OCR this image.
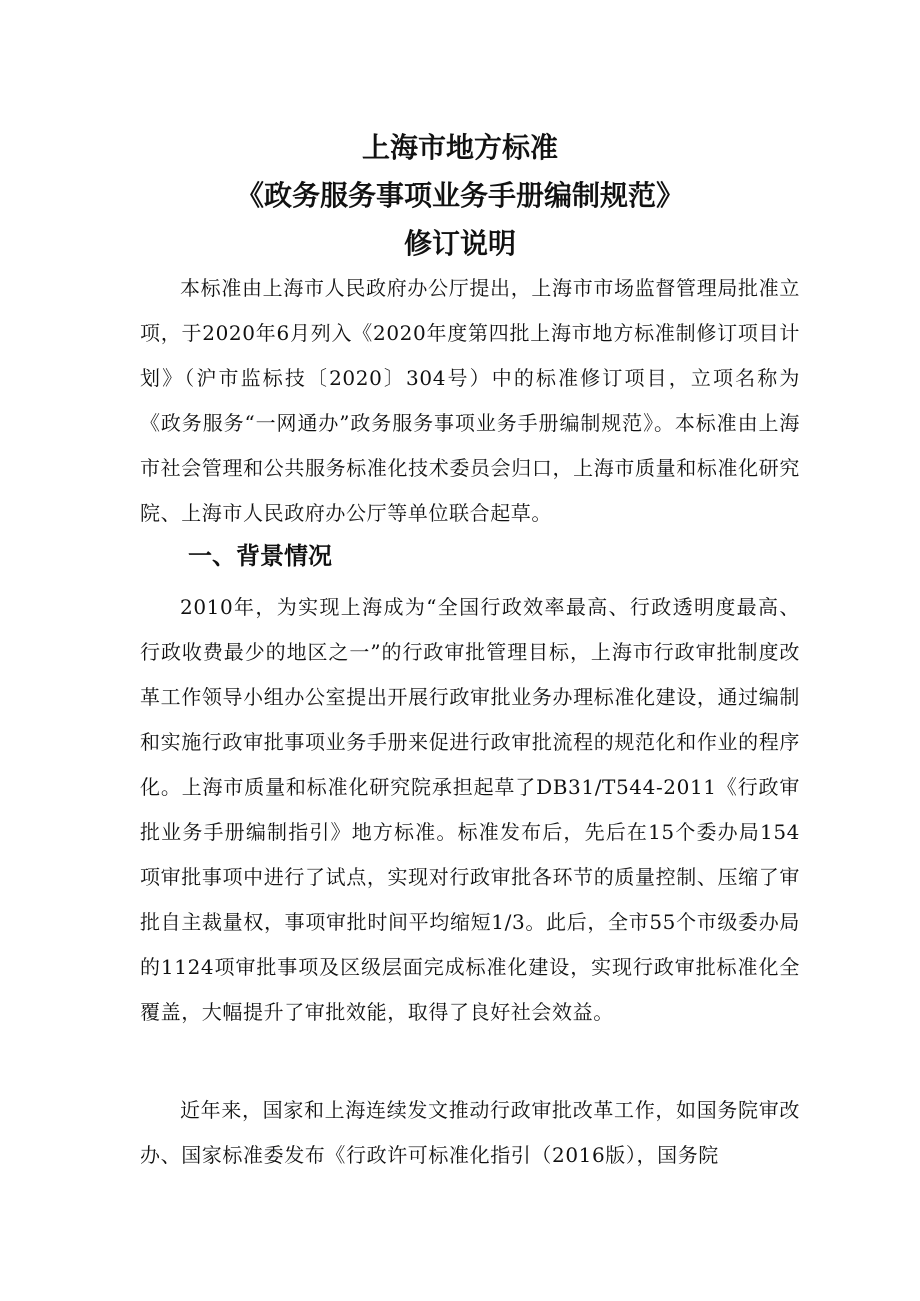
上海市地方标准
《政务服务事项业务手册编制规范》
修订说明

本标准由上海市人民政府办公厅提出，上海市市场监督管理局批准立项，于2020年6月列入《2020年度第四批上海市地方标准制修订项目计划》（沪市监标技〔2020〕304号）中的标准修订项目，立项名称为《政务服务“一网通办”政务服务事项业务手册编制规范》。本标准由上海市社会管理和公共服务标准化技术委员会归口，上海市质量和标准化研究院、上海市人民政府办公厅等单位联合起草。

一、背景情况

2010年，为实现上海成为“全国行政效率最高、行政透明度最高、行政收费最少的地区之一”的行政审批管理目标，上海市行政审批制度改革工作领导小组办公室提出开展行政审批业务办理标准化建设，通过编制和实施行政审批事项业务手册来促进行政审批流程的规范化和作业的程序化。上海市质量和标准化研究院承担起草了DB31/T544-2011《行政审批业务手册编制指引》地方标准。标准发布后，先后在15个委办局154项审批事项中进行了试点，实现对行政审批各环节的质量控制、压缩了审批自主裁量权，事项审批时间平均缩短1/3。此后，全市55个市级委办局的1124项审批事项及区级层面完成标准化建设，实现行政审批标准化全覆盖，大幅提升了审批效能，取得了良好社会效益。

近年来，国家和上海连续发文推动行政审批改革工作，如国务院审改办、国家标准委发布《行政许可标准化指引（2016版），国务院
